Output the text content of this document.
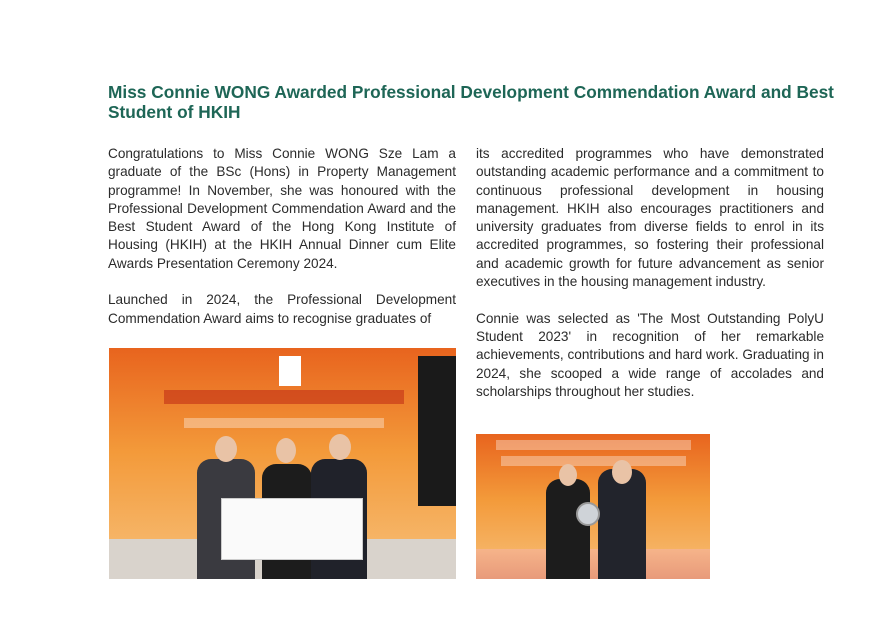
Miss Connie WONG Awarded Professional Development Commendation Award and Best Student of HKIH

Congratulations to Miss Connie WONG Sze Lam a graduate of the BSc (Hons) in Property Management programme! In November, she was honoured with the Professional Development Commendation Award and the Best Student Award of the Hong Kong Institute of Housing (HKIH) at the HKIH Annual Dinner cum Elite Awards Presentation Ceremony 2024.

Launched in 2024, the Professional Development Commendation Award aims to recognise graduates of

its accredited programmes who have demonstrated outstanding academic performance and a commitment to continuous professional development in housing management. HKIH also encourages practitioners and university graduates from diverse fields to enrol in its accredited programmes, so fostering their professional and academic growth for future advancement as senior executives in the housing management industry.

Connie was selected as 'The Most Outstanding PolyU Student 2023' in recognition of her remarkable achievements, contributions and hard work. Graduating in 2024, she scooped a wide range of accolades and scholarships throughout her studies.
